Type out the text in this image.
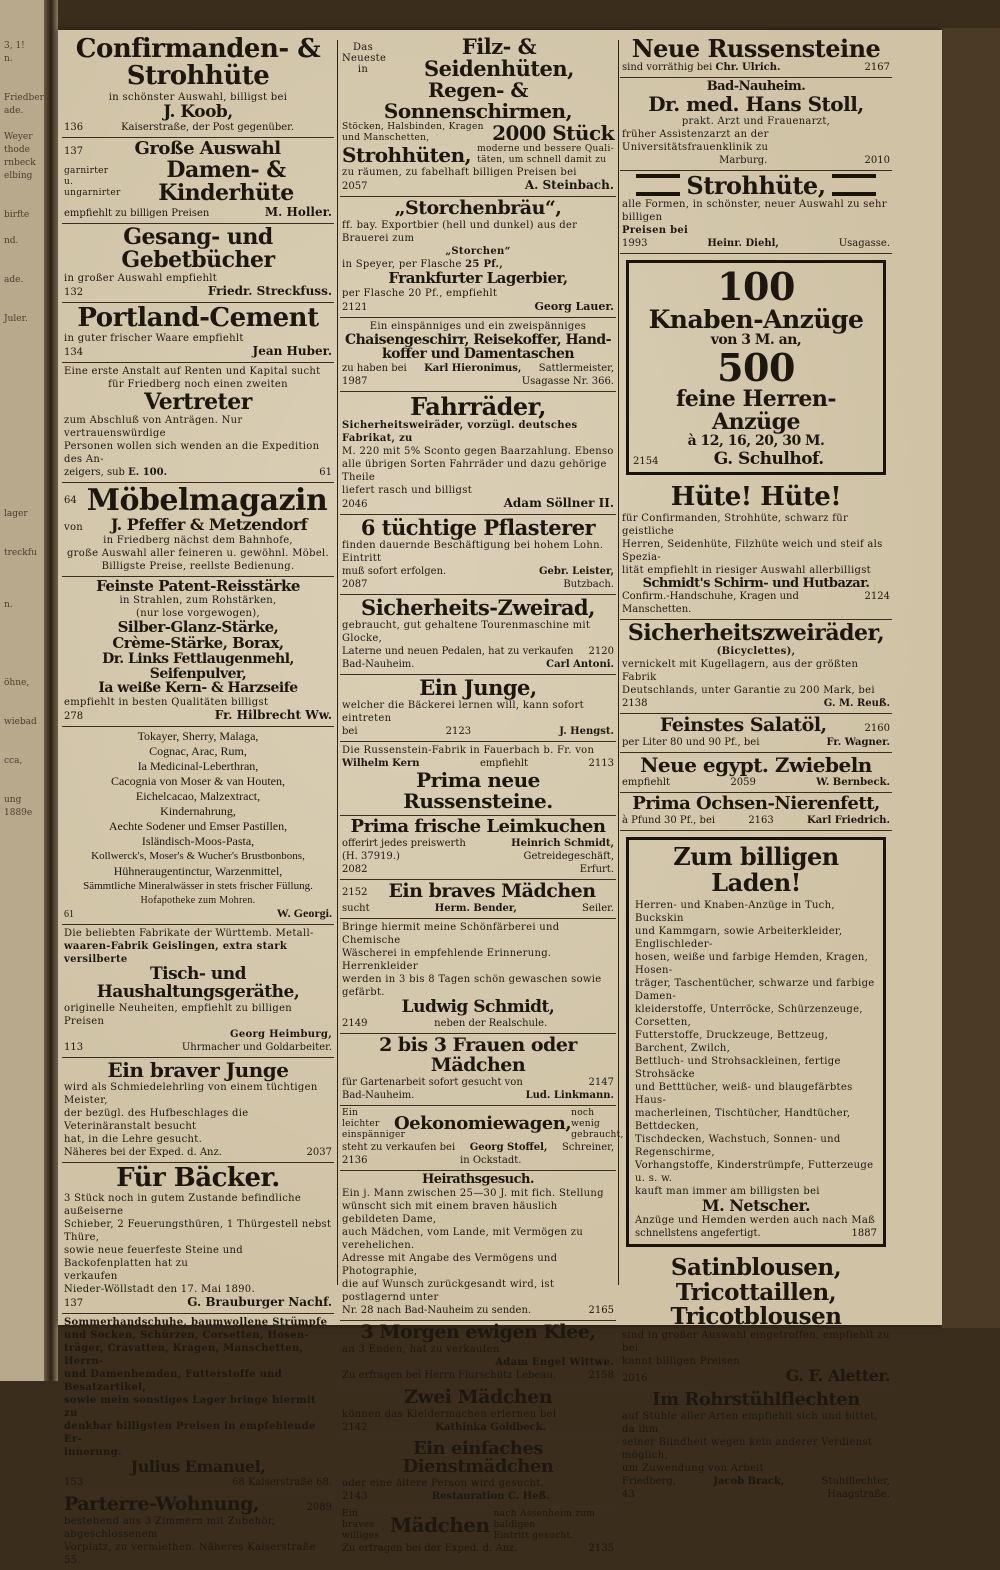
3, 1!
n.

Friedber
ade.

Weyer
thode
rnbeck
elbing

birfte

nd.

ade.

Juler.

lager

treckfu

n.

öhne,

wiebad

cca,

ung
1889e
Confirmanden- & Strohhüte
in schönster Auswahl, billigst bei
J. Koob,
136	Kaiserstraße, der Post gegenüber.
137	Große Auswahl
garnirter u.
ungarnirter
Damen- & Kinderhüte
empfiehlt zu billigen Preisen	M. Holler.
Gesang- und Gebetbücher
in großer Auswahl empfiehlt
132	Friedr. Streckfuss.
Portland-Cement
in guter frischer Waare empfiehlt
134	Jean Huber.
Eine erste Anstalt auf Renten und Kapital sucht
für Friedberg noch einen zweiten
Vertreter
zum Abschluß von Anträgen. Nur vertrauenswürdige
Personen wollen sich wenden an die Expedition des An-
zeigers, sub E. 100.	61
64 Möbelmagazin
von	J. Pfeffer & Metzendorf
in Friedberg nächst dem Bahnhofe,
große Auswahl aller feineren u. gewöhnl. Möbel.
Billigste Preise, reellste Bedienung.
Feinste Patent-Reisstärke
in Strahlen, zum Rohstärken,
(nur lose vorgewogen),
Silber-Glanz-Stärke,
Crème-Stärke, Borax,
Dr. Links Fettlaugenmehl,
Seifenpulver,
Ia weiße Kern- & Harzseife
empfiehlt in besten Qualitäten billigst
278	Fr. Hilbrecht Ww.
Tokayer, Sherry, Malaga,
Cognac, Arac, Rum,
Ia Medicinal-Leberthran,
Cacognia von Moser & van Houten,
Eichelcacao, Malzextract,
Kindernahrung,
Aechte Sodener und Emser Pastillen,
Isländisch-Moos-Pasta,
Kollwerck's, Moser's & Wucher's Brustbonbons,
Hühneraugentinctur, Warzenmittel,
Sämmtliche Mineralwässer in stets frischer Füllung.
Hofapotheke zum Mohren.
61	W. Georgi.
Die beliebten Fabrikate der Württemb. Metall-
waaren-Fabrik Geislingen, extra stark versilberte
Tisch- und Haushaltungsgeräthe,
originelle Neuheiten, empfiehlt zu billigen Preisen
Georg Heimburg,
113	Uhrmacher und Goldarbeiter.
Ein braver Junge
wird als Schmiedelehrling von einem tüchtigen Meister,
der bezügl. des Hufbeschlages die Veterinäranstalt besucht
hat, in die Lehre gesucht.
Näheres bei der Exped. d. Anz.	2037
Für Bäcker.
3 Stück noch in gutem Zustande befindliche außeiserne
Schieber, 2 Feuerungsthüren, 1 Thürgestell nebst Thüre,
sowie neue feuerfeste Steine und Backofenplatten hat zu
verkaufen
Nieder-Wöllstadt den 17. Mai 1890.
137	G. Brauburger Nachf.
Sommerhandschuhe, baumwollene Strümpfe
und Socken, Schürzen, Corsetten, Hosen-
träger, Cravatten, Kragen, Manschetten, Herrn-
und Damenhemden, Futterstoffe und Besatzartikel,
sowie mein sonstiges Lager bringe hiermit zu
denkbar billigsten Preisen in empfehlende Er-
innerung.
Julius Emanuel,
153	68 Kaiserstraße 68.
Parterre-Wohnung,	2089
bestehend aus 3 Zimmern mit Zubehör, abgeschlossenem
Vorplatz, zu vermiethen. Näheres Kaiserstraße 55.
Das
Neueste in
Filz- & Seidenhüten,
Regen- & Sonnenschirmen,
Stöcken, Halsbinden, Kragen
und Manschetten,	2000 Stück
Strohhüten, moderne und bessere Quali-
täten, um schnell damit zu
zu räumen, zu fabelhaft billigen Preisen bei
2057	A. Steinbach.
„Storchenbräu“,
ff. bay. Exportbier (hell und dunkel) aus der Brauerei zum
„Storchen“
in Speyer, per Flasche 25 Pf.,
Frankfurter Lagerbier,
per Flasche 20 Pf., empfiehlt
2121	Georg Lauer.
Ein einspänniges und ein zweispänniges
Chaisengeschirr, Reisekoffer, Hand-
koffer und Damentaschen
zu haben bei Karl Hieronimus, Sattlermeister,
1987	Usagasse Nr. 366.
Fahrräder,
Sicherheitsweiräder, vorzügl. deutsches Fabrikat, zu
M. 220 mit 5% Sconto gegen Baarzahlung. Ebenso
alle übrigen Sorten Fahrräder und dazu gehörige Theile
liefert rasch und billigst
2046	Adam Söllner II.
6 tüchtige Pflasterer
finden dauernde Beschäftigung bei hohem Lohn. Eintritt
muß sofort erfolgen.	Gebr. Leister,
2087	Butzbach.
Sicherheits-Zweirad,
gebraucht, gut gehaltene Tourenmaschine mit Glocke,
Laterne und neuen Pedalen, hat zu verkaufen 2120
Bad-Nauheim.	Carl Antoni.
Ein Junge,
welcher die Bäckerei lernen will, kann sofort eintreten
bei	2123	J. Hengst.
Die Russenstein-Fabrik in Fauerbach b. Fr. von
Wilhelm Kern	empfiehlt	2113
Prima neue Russensteine.
Prima frische Leimkuchen
offerirt jedes preiswerth	Heinrich Schmidt,
(H. 37919.)	Getreidegeschäft,
2082	Erfurt.
2152	Ein braves Mädchen
sucht	Herm. Bender,	Seiler.
Bringe hiermit meine Schönfärberei und Chemische
Wäscherei in empfehlende Erinnerung. Herrenkleider
werden in 3 bis 8 Tagen schön gewaschen sowie gefärbt.
Ludwig Schmidt,
2149	neben der Realschule.
2 bis 3 Frauen oder Mädchen
für Gartenarbeit sofort gesucht von	2147
Bad-Nauheim.	Lud. Linkmann.
Ein leichter
einspänniger
Oekonomiewagen,
noch wenig
gebraucht,
steht zu verkaufen bei Georg Stoffel, Schreiner,
2136	in Ockstadt.
Heirathsgesuch.
Ein j. Mann zwischen 25—30 J. mit fich. Stellung
wünscht sich mit einem braven häuslich gebildeten Dame,
auch Mädchen, vom Lande, mit Vermögen zu verehelichen.
Adresse mit Angabe des Vermögens und Photographie,
die auf Wunsch zurückgesandt wird, ist postlagernd unter
Nr. 28 nach Bad-Nauheim zu senden.	2165
3 Morgen ewigen Klee,
an 3 Enden, hat zu verkaufen
Adam Engel Wittwe.
Zu erfragen bei Herrn Flurschütz Lebeau.	2158
Zwei Mädchen
können das Kleidermachen erlernen bei
2142	Kathinka Goldbeck.
Ein einfaches Dienstmädchen
oder eine ältere Person wird gesucht.
2143	Restauration C. Heß.
Ein braves
williges Mädchen nach Assenheim zum baldigen
Eintritt gesucht.
Zu erfragen bei der Exped. d. Anz.	2135
Neue Russensteine
sind vorräthig bei Chr. Ulrich.	2167
Bad-Nauheim.
Dr. med. Hans Stoll,
prakt. Arzt und Frauenarzt,
früher Assistenzarzt an der Universitätsfrauenklinik zu
Marburg.	2010
Strohhüte,
alle Formen, in schönster, neuer Auswahl zu sehr billigen
Preisen bei
1993	Heinr. Diehl,	Usagasse.
100
Knaben-Anzüge
von 3 M. an,
500
feine Herren-Anzüge
à 12, 16, 20, 30 M.
2154	G. Schulhof.
Hüte! Hüte!
für Confirmanden, Strohhüte, schwarz für geistliche
Herren, Seidenhüte, Filzhüte weich und steif als Spezia-
lität empfiehlt in riesiger Auswahl allerbilligst
Schmidt's Schirm- und Hutbazar.
Confirm.-Handschuhe, Kragen und Manschetten.
2124
Sicherheitszweiräder,
(Bicyclettes),
vernickelt mit Kugellagern, aus der größten Fabrik
Deutschlands, unter Garantie zu 200 Mark, bei
2138	G. M. Reuß.
Feinstes Salatöl,	2160
per Liter 80 und 90 Pf., bei	Fr. Wagner.
Neue egypt. Zwiebeln
empfiehlt	2059	W. Bernbeck.
Prima Ochsen-Nierenfett,
à Pfund 30 Pf., bei	2163	Karl Friedrich.
Zum billigen Laden!
Herren- und Knaben-Anzüge in Tuch, Buckskin
und Kammgarn, sowie Arbeiterkleider, Englischleder-
hosen, weiße und farbige Hemden, Kragen, Hosen-
träger, Taschentücher, schwarze und farbige Damen-
kleiderstoffe, Unterröcke, Schürzenzeuge, Corsetten,
Futterstoffe, Druckzeuge, Bettzeug, Barchent, Zwilch,
Bettluch- und Strohsackleinen, fertige Strohsäcke
und Betttücher, weiß- und blaugefärbtes Haus-
macherleinen, Tischtücher, Handtücher, Bettdecken,
Tischdecken, Wachstuch, Sonnen- und Regenschirme,
Vorhangstoffe, Kinderstrümpfe, Futterzeuge u. s. w.
kauft man immer am billigsten bei
M. Netscher.
Anzüge und Hemden werden auch nach Maß
schnellstens angefertigt.	1887
Satinblousen,
Tricottaillen,
Tricotblousen
sind in großer Auswahl eingetroffen, empfiehlt zu bei
kannt billigen Preisen
2016	G. F. Aletter.
Im Rohrstühlflechten
auf Stühle aller Arten empfiehlt sich und bittet, da ihm
seiner Blindheit wegen kein anderer Verdienst möglich,
um Zuwendung von Arbeit
Friedberg,	Jacob Brack,	Stuhlflechter,
43	Haagstraße.
